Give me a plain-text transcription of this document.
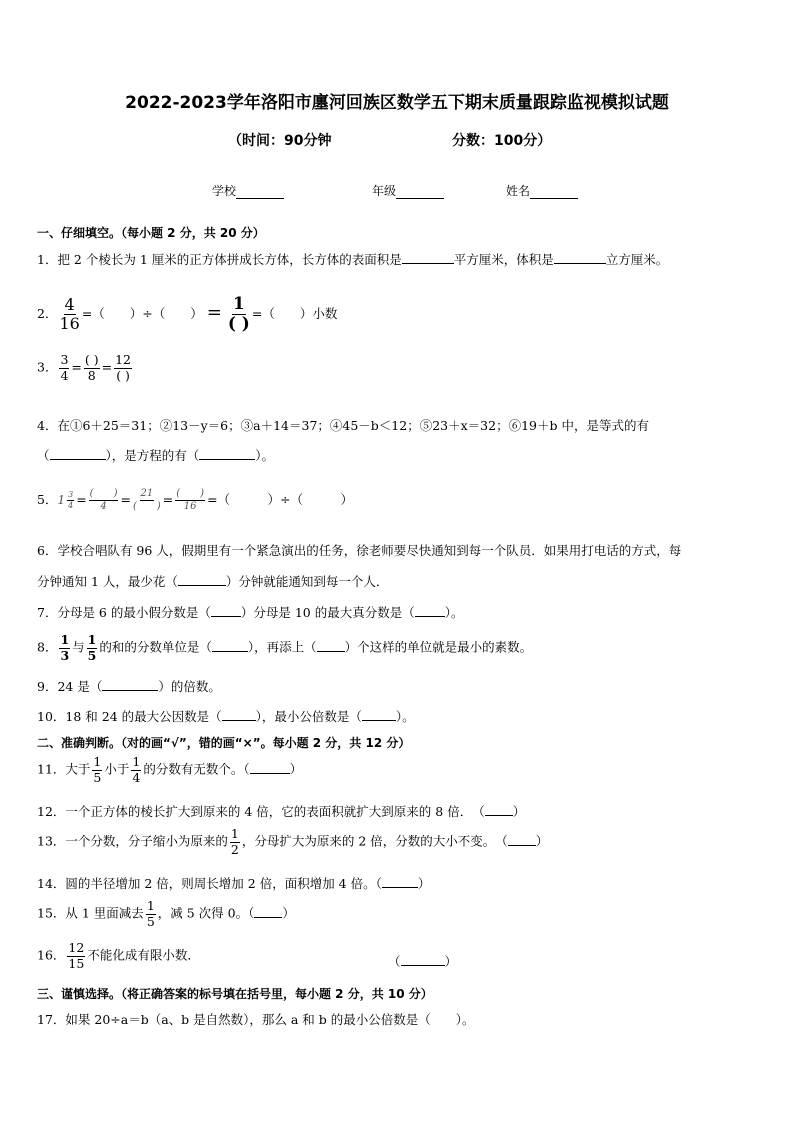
2022-2023学年洛阳市廛河回族区数学五下期末质量跟踪监视模拟试题
（时间：90分钟	分数：100分）
学校	年级	姓名
一、仔细填空。（每小题 2 分，共 20 分）
1．把 2 个棱长为 1 厘米的正方体拼成长方体，长方体的表面积是	平方厘米，体积是	立方厘米。
2． $\frac{4}{16}$ =（　　）÷（　　） = $\frac{1}{( )}$ =（　　）小数
3． $\frac{3}{4} = \frac{( )}{8} = \frac{12}{( )}$
4．在①6＋25＝31；②13－y＝6；③a＋14＝37；④45－b＜12；⑤23＋x＝32；⑥19＋b 中，是等式的有
（	），是方程的有（	）。
5．$1 \frac{3}{4} = \frac{( )}{4} = \frac{21}{( )} = \frac{( )}{16}$ =（　　　）÷（　　　）
6．学校合唱队有 96 人，假期里有一个紧急演出的任务，徐老师要尽快通知到每一个队员．如果用打电话的方式，每
分钟通知 1 人，最少花（	）分钟就能通知到每一个人．
7．分母是 6 的最小假分数是（ ）分母是 10 的最大真分数是（ ）。
8． $\frac{1}{3}$ 与 $\frac{1}{5}$ 的和的分数单位是（	），再添上（ ）个这样的单位就是最小的素数。
9．24 是（	）的倍数。
10．18 和 24 的最大公因数是（	），最小公倍数是（	）。
二、准确判断。（对的画“√”，错的画“×”。每小题 2 分，共 12 分）
11．大于 $\frac{1}{5}$ 小于 $\frac{1}{4}$ 的分数有无数个。（	）
12．一个正方体的棱长扩大到原来的 4 倍，它的表面积就扩大到原来的 8 倍．　（ ）
13．一个分数，分子缩小为原来的 $\frac{1}{2}$ ，分母扩大为原来的 2 倍，分数的大小不变。　（ ）
14．圆的半径增加 2 倍，则周长增加 2 倍，面积增加 4 倍。（	）
15．从 1 里面减去 $\frac{1}{5}$ ，减 5 次得 0。（ ）
16． $\frac{12}{15}$ 不能化成有限小数．	（	）
三、谨慎选择。（将正确答案的标号填在括号里，每小题 2 分，共 10 分）
17．如果 20÷a＝b（a、b 是自然数），那么 a 和 b 的最小公倍数是（　　）。
